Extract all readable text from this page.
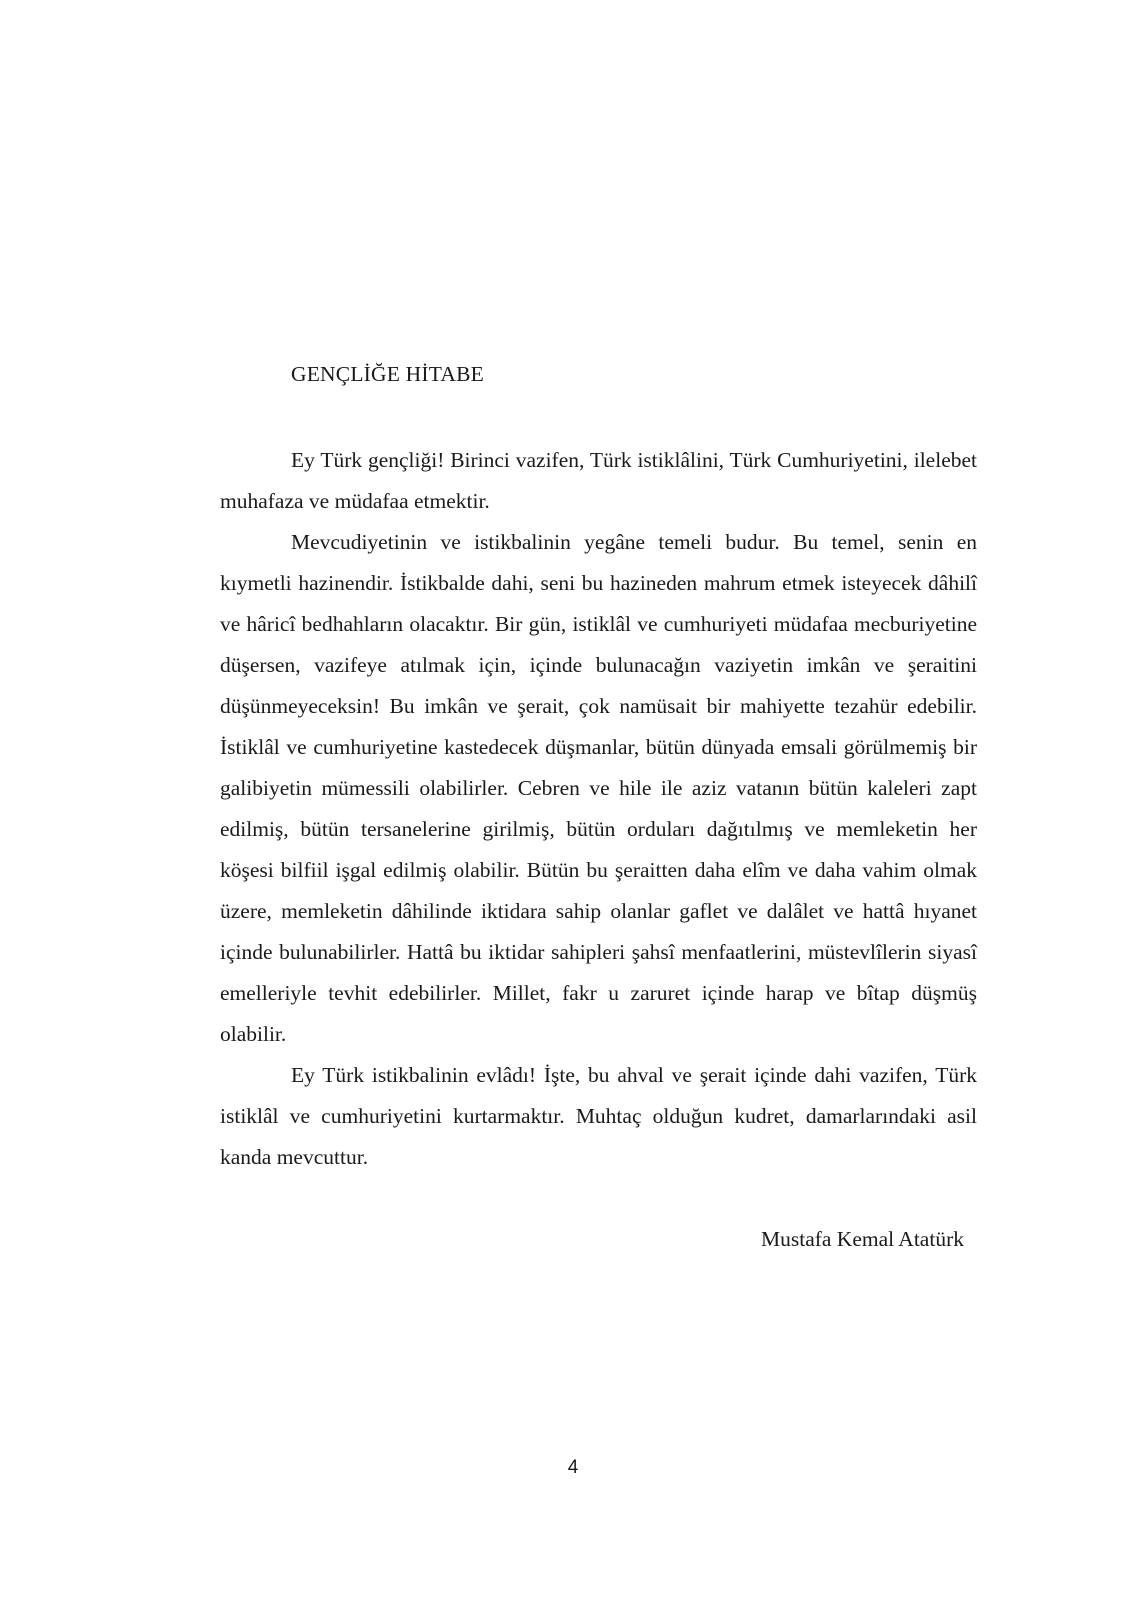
GENÇLİĞE HİTABE

Ey Türk gençliği! Birinci vazifen, Türk istiklâlini, Türk Cumhuriyetini, ilelebet muhafaza ve müdafaa etmektir.

Mevcudiyetinin ve istikbalinin yegâne temeli budur. Bu temel, senin en kıymetli hazinendir. İstikbalde dahi, seni bu hazineden mahrum etmek isteyecek dâhilî ve hâricî bedhahların olacaktır. Bir gün, istiklâl ve cumhuriyeti müdafaa mecburiyetine düşersen, vazifeye atılmak için, içinde bulunacağın vaziyetin imkân ve şeraitini düşünmeyeceksin! Bu imkân ve şerait, çok namüsait bir mahiyette tezahür edebilir. İstiklâl ve cumhuriyetine kastedecek düşmanlar, bütün dünyada emsali görülmemiş bir galibiyetin mümessili olabilirler. Cebren ve hile ile aziz vatanın bütün kaleleri zapt edilmiş, bütün tersanelerine girilmiş, bütün orduları dağıtılmış ve memleketin her köşesi bilfiil işgal edilmiş olabilir. Bütün bu şeraitten daha elîm ve daha vahim olmak üzere, memleketin dâhilinde iktidara sahip olanlar gaflet ve dalâlet ve hattâ hıyanet içinde bulunabilirler. Hattâ bu iktidar sahipleri şahsî menfaatlerini, müstevlîlerin siyasî emelleriyle tevhit edebilirler. Millet, fakr u zaruret içinde harap ve bîtap düşmüş olabilir.

Ey Türk istikbalinin evlâdı! İşte, bu ahval ve şerait içinde dahi vazifen, Türk istiklâl ve cumhuriyetini kurtarmaktır. Muhtaç olduğun kudret, damarlarındaki asil kanda mevcuttur.

Mustafa Kemal Atatürk
4
